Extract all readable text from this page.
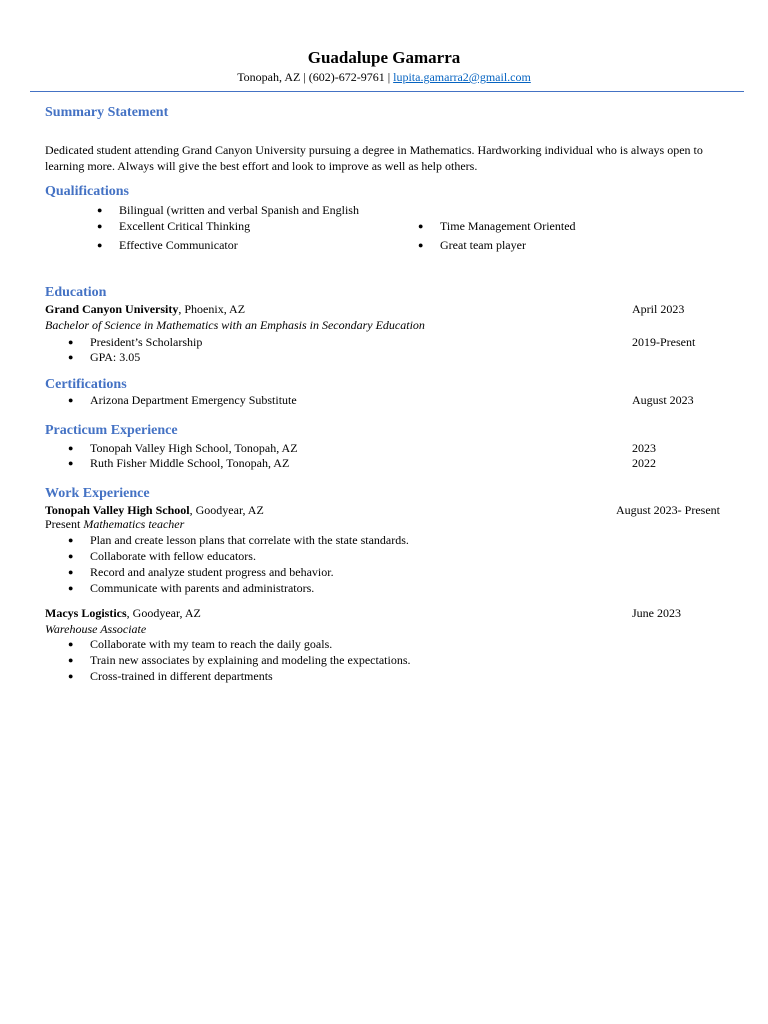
Guadalupe Gamarra
Tonopah, AZ | (602)-672-9761 | lupita.gamarra2@gmail.com
Summary Statement
Dedicated student attending Grand Canyon University pursuing a degree in Mathematics. Hardworking individual who is always open to learning more. Always will give the best effort and look to improve as well as help others.
Qualifications
● Bilingual (written and verbal Spanish and English
● Excellent Critical Thinking
● Effective Communicator
● Time Management Oriented
● Great team player
Education
Grand Canyon University, Phoenix, AZ	April 2023
Bachelor of Science in Mathematics with an Emphasis in Secondary Education
● President’s Scholarship	2019-Present
● GPA: 3.05
Certifications
● Arizona Department Emergency Substitute	August 2023
Practicum Experience
● Tonopah Valley High School, Tonopah, AZ	2023
● Ruth Fisher Middle School, Tonopah, AZ	2022
Work Experience
Tonopah Valley High School, Goodyear, AZ	August 2023- Present
Present Mathematics teacher
● Plan and create lesson plans that correlate with the state standards.
● Collaborate with fellow educators.
● Record and analyze student progress and behavior.
● Communicate with parents and administrators.
Macys Logistics, Goodyear, AZ	June 2023
Warehouse Associate
● Collaborate with my team to reach the daily goals.
● Train new associates by explaining and modeling the expectations.
● Cross-trained in different departments
